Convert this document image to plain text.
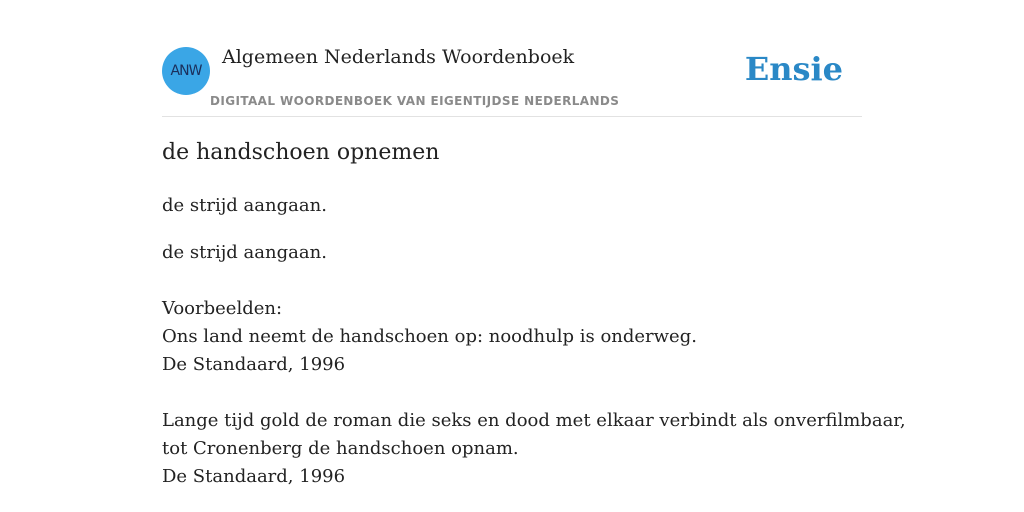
ANW
Algemeen Nederlands Woordenboek
DIGITAAL WOORDENBOEK VAN EIGENTIJDSE NEDERLANDS
Ensie
de handschoen opnemen
de strijd aangaan.
de strijd aangaan.
Voorbeelden:
Ons land neemt de handschoen op: noodhulp is onderweg.
De Standaard, 1996
Lange tijd gold de roman die seks en dood met elkaar verbindt als onverfilmbaar,
tot Cronenberg de handschoen opnam.
De Standaard, 1996
